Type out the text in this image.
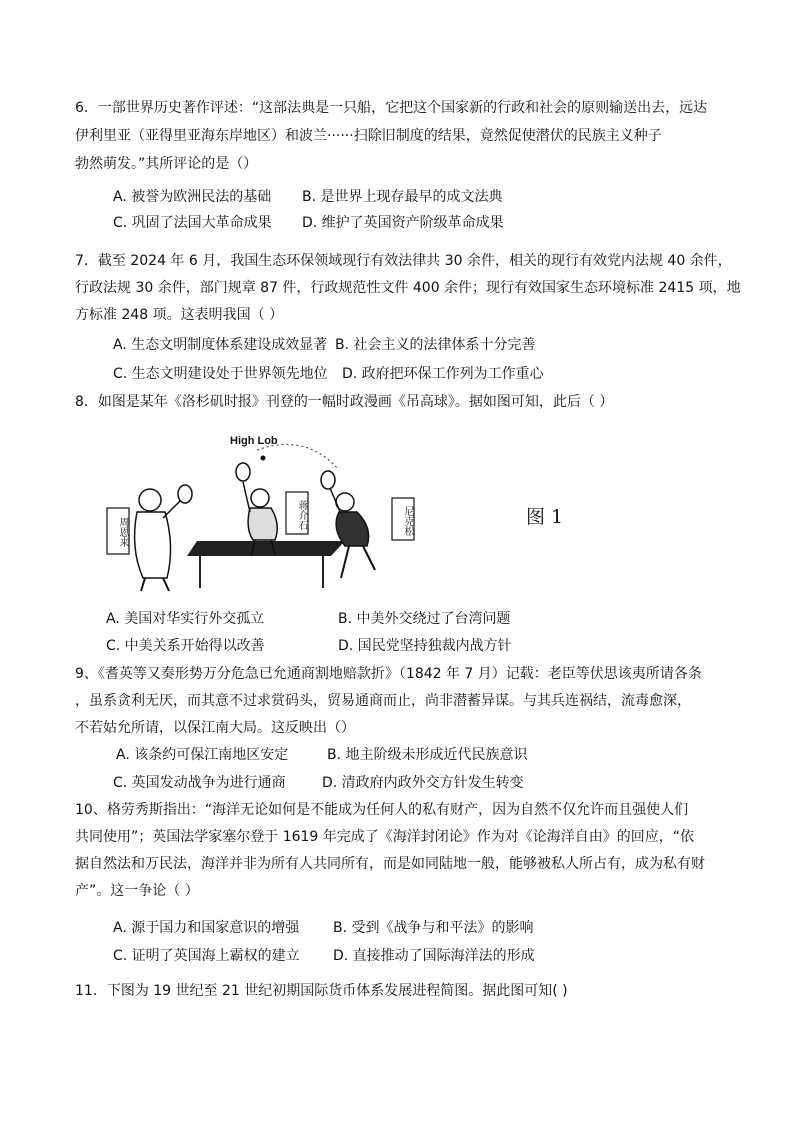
6．一部世界历史著作评述：“这部法典是一只船，它把这个国家新的行政和社会的原则输送出去，远达
伊利里亚（亚得里亚海东岸地区）和波兰······扫除旧制度的结果，竟然促使潜伏的民族主义种子
勃然萌发。”其所评论的是（）
A. 被誉为欧洲民法的基础 B. 是世界上现存最早的成文法典
C. 巩固了法国大革命成果 D. 维护了英国资产阶级革命成果
7．截至 2024 年 6 月，我国生态环保领域现行有效法律共 30 余件，相关的现行有效党内法规 40 余件，
行政法规 30 余件，部门规章 87 件，行政规范性文件 400 余件；现行有效国家生态环境标准 2415 项，地
方标准 248 项。这表明我国（ ）
A. 生态文明制度体系建设成效显著 B. 社会主义的法律体系十分完善
C. 生态文明建设处于世界领先地位 D. 政府把环保工作列为工作重心
8．如图是某年《洛杉矶时报》刊登的一幅时政漫画《吊高球》。据如图可知，此后（ ）
High Lob
周恩来
蒋介石	尼克松	图 1
A. 美国对华实行外交孤立	B. 中美外交绕过了台湾问题
C. 中美关系开始得以改善	D. 国民党坚持独裁内战方针
9、《耆英等又奏形势万分危急已允通商割地赔款折》（1842 年 7 月）记载：老臣等伏思该夷所请各条
，虽系贪利无厌，而其意不过求赏码头，贸易通商而止，尚非潜蓄异谋。与其兵连祸结，流毒愈深，
不若姑允所请，以保江南大局。这反映出（）
A. 该条约可保江南地区安定	B. 地主阶级未形成近代民族意识
C. 英国发动战争为进行通商	D. 清政府内政外交方针发生转变
10、格劳秀斯指出：“海洋无论如何是不能成为任何人的私有财产，因为自然不仅允许而且强使人们
共同使用”；英国法学家塞尔登于 1619 年完成了《海洋封闭论》作为对《论海洋自由》的回应，“依
据自然法和万民法，海洋并非为所有人共同所有，而是如同陆地一般，能够被私人所占有，成为私有财
产”。这一争论（ ）
A. 源于国力和国家意识的增强 B. 受到《战争与和平法》的影响
C. 证明了英国海上霸权的建立 D. 直接推动了国际海洋法的形成
11．下图为 19 世纪至 21 世纪初期国际货币体系发展进程简图。据此图可知( )
